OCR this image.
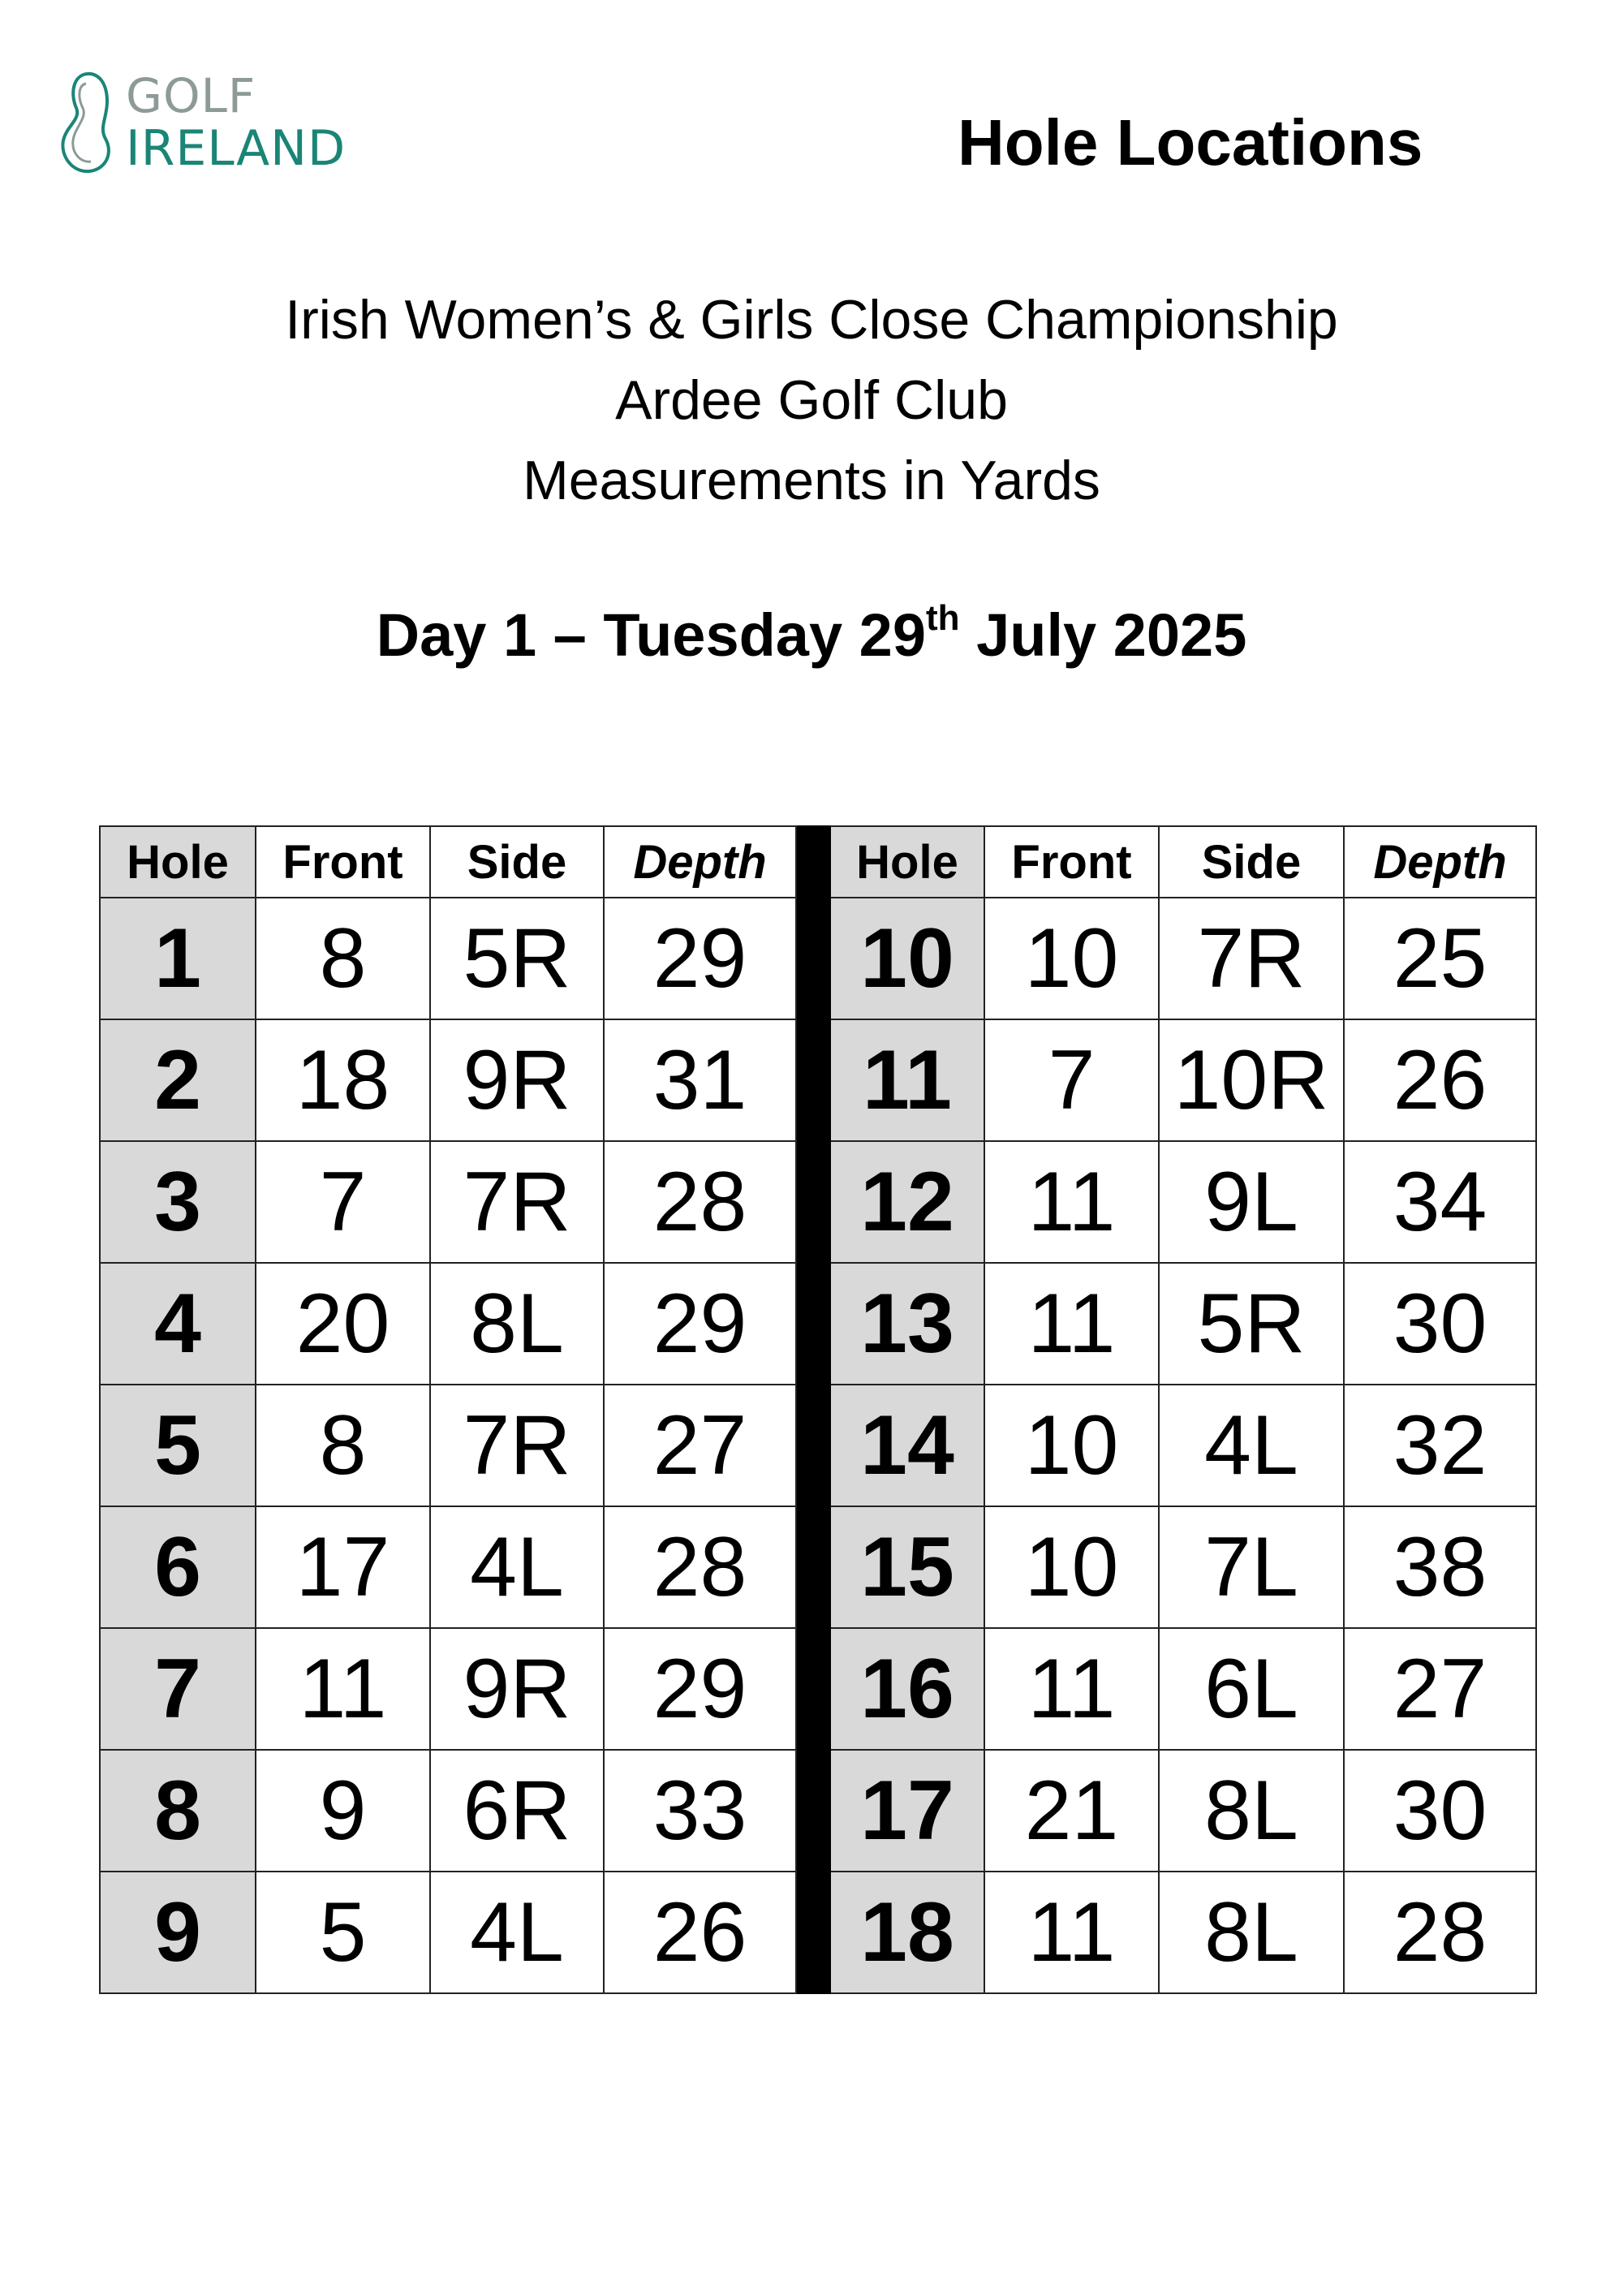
GOLF
IRELAND	Hole Locations
Irish Women’s & Girls Close Championship
Ardee Golf Club
Measurements in Yards
Day 1 – Tuesday 29th July 2025
Hole	Front	Side	Depth		Hole	Front	Side	Depth
1	8	5R	29		10	10	7R	25
2	18	9R	31		11	7	10R	26
3	7	7R	28		12	11	9L	34
4	20	8L	29		13	11	5R	30
5	8	7R	27		14	10	4L	32
6	17	4L	28		15	10	7L	38
7	11	9R	29		16	11	6L	27
8	9	6R	33		17	21	8L	30
9	5	4L	26		18	11	8L	28
